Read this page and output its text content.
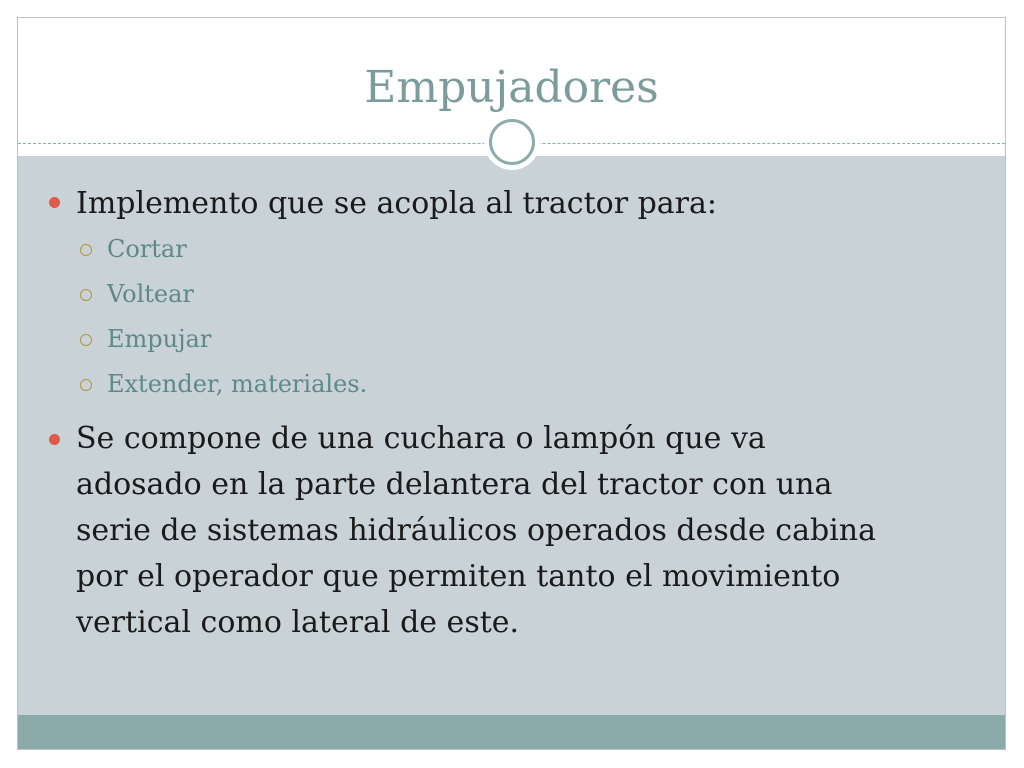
Empujadores
Implemento que se acopla al tractor para:
Cortar
Voltear
Empujar
Extender, materiales.
Se compone de una cuchara o lampón que va
adosado en la parte delantera del tractor con una
serie de sistemas hidráulicos operados desde cabina
por el operador que permiten tanto el movimiento
vertical como lateral de este.
